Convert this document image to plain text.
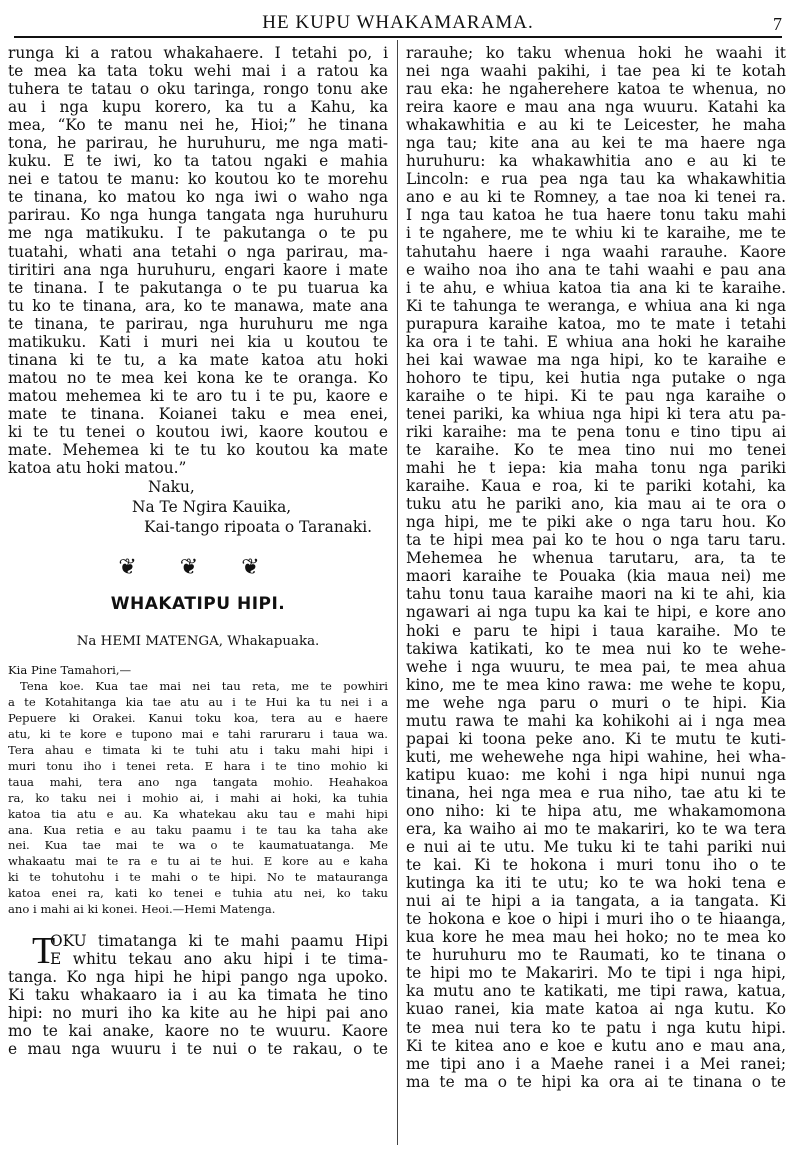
HE KUPU WHAKAMARAMA.	7
runga ki a ratou whakahaere. I tetahi po, i
te mea ka tata toku wehi mai i a ratou ka
tuhera te tatau o oku taringa, rongo tonu ake
au i nga kupu korero, ka tu a Kahu, ka
mea, “Ko te manu nei he, Hioi;” he tinana
tona, he parirau, he huruhuru, me nga mati-
kuku. E te iwi, ko ta tatou ngaki e mahia
nei e tatou te manu: ko koutou ko te morehu
te tinana, ko matou ko nga iwi o waho nga
parirau. Ko nga hunga tangata nga huruhuru
me nga matikuku. I te pakutanga o te pu
tuatahi, whati ana tetahi o nga parirau, ma-
tiritiri ana nga huruhuru, engari kaore i mate
te tinana. I te pakutanga o te pu tuarua ka
tu ko te tinana, ara, ko te manawa, mate ana
te tinana, te parirau, nga huruhuru me nga
matikuku. Kati i muri nei kia u koutou te
tinana ki te tu, a ka mate katoa atu hoki
matou no te mea kei kona ke te oranga. Ko
matou mehemea ki te aro tu i te pu, kaore e
mate te tinana. Koianei taku e mea enei,
ki te tu tenei o koutou iwi, kaore koutou e
mate. Mehemea ki te tu ko koutou ka mate
katoa atu hoki matou.”
Naku,
Na Te Ngira Kauika,
Kai-tango ripoata o Taranaki.
❦ ❦ ❦
WHAKATIPU HIPI.
Na HEMI MATENGA, Whakapuaka.
Kia Pine Tamahori,—
Tena koe. Kua tae mai nei tau reta, me te powhiri
a te Kotahitanga kia tae atu au i te Hui ka tu nei i a
Pepuere ki Orakei. Kanui toku koa, tera au e haere
atu, ki te kore e tupono mai e tahi raruraru i taua wa.
Tera ahau e timata ki te tuhi atu i taku mahi hipi i
muri tonu iho i tenei reta. E hara i te tino mohio ki
taua mahi, tera ano nga tangata mohio. Heahakoa
ra, ko taku nei i mohio ai, i mahi ai hoki, ka tuhia
katoa tia atu e au. Ka whatekau aku tau e mahi hipi
ana. Kua retia e au taku paamu i te tau ka taha ake
nei. Kua tae mai te wa o te kaumatuatanga. Me
whakaatu mai te ra e tu ai te hui. E kore au e kaha
ki te tohutohu i te mahi o te hipi. No te matauranga
katoa enei ra, kati ko tenei e tuhia atu nei, ko taku
ano i mahi ai ki konei. Heoi.—Hemi Matenga.
T
OKU timatanga ki te mahi paamu Hipi
E whitu tekau ano aku hipi i te tima-
tanga. Ko nga hipi he hipi pango nga upoko.
Ki taku whakaaro ia i au ka timata he tino
hipi: no muri iho ka kite au he hipi pai ano
mo te kai anake, kaore no te wuuru. Kaore
e mau nga wuuru i te nui o te rakau, o te
rarauhe; ko taku whenua hoki he waahi it
nei nga waahi pakihi, i tae pea ki te kotah
rau eka: he ngaherehere katoa te whenua, no
reira kaore e mau ana nga wuuru. Katahi ka
whakawhitia e au ki te Leicester, he maha
nga tau; kite ana au kei te ma haere nga
huruhuru: ka whakawhitia ano e au ki te
Lincoln: e rua pea nga tau ka whakawhitia
ano e au ki te Romney, a tae noa ki tenei ra.
I nga tau katoa he tua haere tonu taku mahi
i te ngahere, me te whiu ki te karaihe, me te
tahutahu haere i nga waahi rarauhe. Kaore
e waiho noa iho ana te tahi waahi e pau ana
i te ahu, e whiua katoa tia ana ki te karaihe.
Ki te tahunga te weranga, e whiua ana ki nga
purapura karaihe katoa, mo te mate i tetahi
ka ora i te tahi. E whiua ana hoki he karaihe
hei kai wawae ma nga hipi, ko te karaihe e
hohoro te tipu, kei hutia nga putake o nga
karaihe o te hipi. Ki te pau nga karaihe o
tenei pariki, ka whiua nga hipi ki tera atu pa-
riki karaihe: ma te pena tonu e tino tipu ai
te karaihe. Ko te mea tino nui mo tenei
mahi he t iepa: kia maha tonu nga pariki
karaihe. Kaua e roa, ki te pariki kotahi, ka
tuku atu he pariki ano, kia mau ai te ora o
nga hipi, me te piki ake o nga taru hou. Ko
ta te hipi mea pai ko te hou o nga taru taru.
Mehemea he whenua tarutaru, ara, ta te
maori karaihe te Pouaka (kia maua nei) me
tahu tonu taua karaihe maori na ki te ahi, kia
ngawari ai nga tupu ka kai te hipi, e kore ano
hoki e paru te hipi i taua karaihe. Mo te
takiwa katikati, ko te mea nui ko te wehe-
wehe i nga wuuru, te mea pai, te mea ahua
kino, me te mea kino rawa: me wehe te kopu,
me wehe nga paru o muri o te hipi. Kia
mutu rawa te mahi ka kohikohi ai i nga mea
papai ki toona peke ano. Ki te mutu te kuti-
kuti, me wehewehe nga hipi wahine, hei wha-
katipu kuao: me kohi i nga hipi nunui nga
tinana, hei nga mea e rua niho, tae atu ki te
ono niho: ki te hipa atu, me whakamomona
era, ka waiho ai mo te makariri, ko te wa tera
e nui ai te utu. Me tuku ki te tahi pariki nui
te kai. Ki te hokona i muri tonu iho o te
kutinga ka iti te utu; ko te wa hoki tena e
nui ai te hipi a ia tangata, a ia tangata. Ki
te hokona e koe o hipi i muri iho o te hiaanga,
kua kore he mea mau hei hoko; no te mea ko
te huruhuru mo te Raumati, ko te tinana o
te hipi mo te Makariri. Mo te tipi i nga hipi,
ka mutu ano te katikati, me tipi rawa, katua,
kuao ranei, kia mate katoa ai nga kutu. Ko
te mea nui tera ko te patu i nga kutu hipi.
Ki te kitea ano e koe e kutu ano e mau ana,
me tipi ano i a Maehe ranei i a Mei ranei;
ma te ma o te hipi ka ora ai te tinana o te
